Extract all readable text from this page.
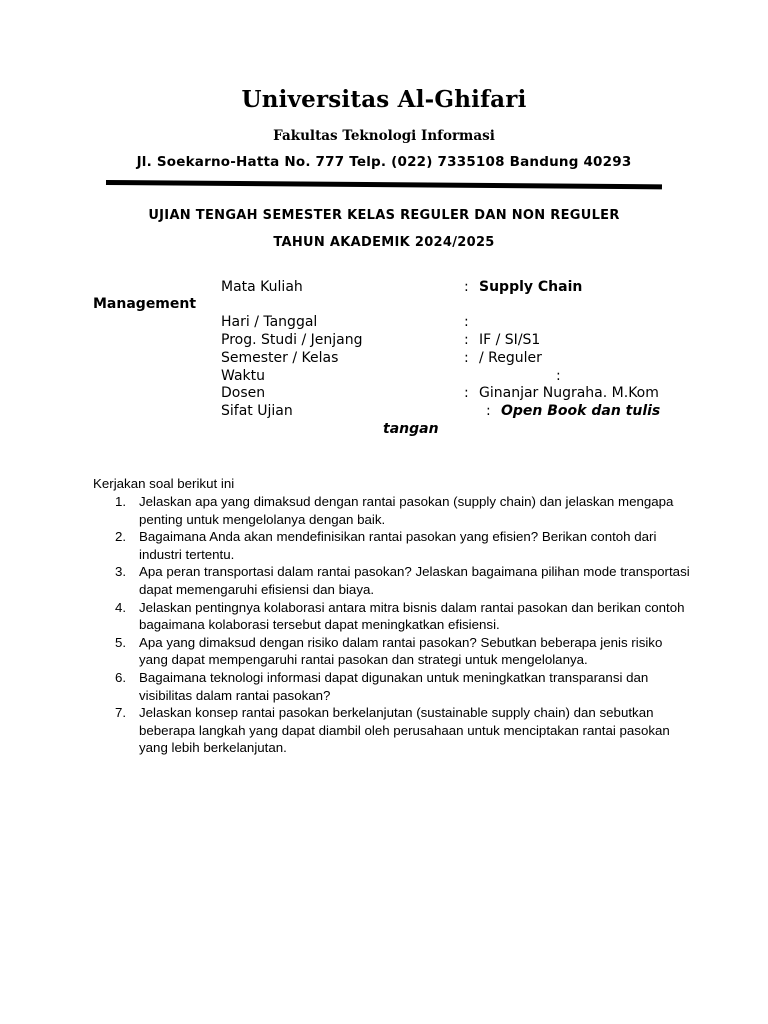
Universitas Al-Ghifari
Fakultas Teknologi Informasi
Jl. Soekarno-Hatta No. 777 Telp. (022) 7335108 Bandung 40293
UJIAN TENGAH SEMESTER KELAS REGULER DAN NON REGULER
TAHUN AKADEMIK 2024/2025
Mata Kuliah	: Supply Chain
Management
Hari / Tanggal	:
Prog. Studi / Jenjang	: IF / SI/S1
Semester / Kelas	: / Reguler
Waktu	:
Dosen	: Ginanjar Nugraha. M.Kom
Sifat Ujian	: Open Book dan tulis
tangan
Kerjakan soal berikut ini
1. Jelaskan apa yang dimaksud dengan rantai pasokan (supply chain) dan jelaskan mengapa penting untuk mengelolanya dengan baik.
2. Bagaimana Anda akan mendefinisikan rantai pasokan yang efisien? Berikan contoh dari industri tertentu.
3. Apa peran transportasi dalam rantai pasokan? Jelaskan bagaimana pilihan mode transportasi dapat memengaruhi efisiensi dan biaya.
4. Jelaskan pentingnya kolaborasi antara mitra bisnis dalam rantai pasokan dan berikan contoh bagaimana kolaborasi tersebut dapat meningkatkan efisiensi.
5. Apa yang dimaksud dengan risiko dalam rantai pasokan? Sebutkan beberapa jenis risiko yang dapat mempengaruhi rantai pasokan dan strategi untuk mengelolanya.
6. Bagaimana teknologi informasi dapat digunakan untuk meningkatkan transparansi dan visibilitas dalam rantai pasokan?
7. Jelaskan konsep rantai pasokan berkelanjutan (sustainable supply chain) dan sebutkan beberapa langkah yang dapat diambil oleh perusahaan untuk menciptakan rantai pasokan yang lebih berkelanjutan.
